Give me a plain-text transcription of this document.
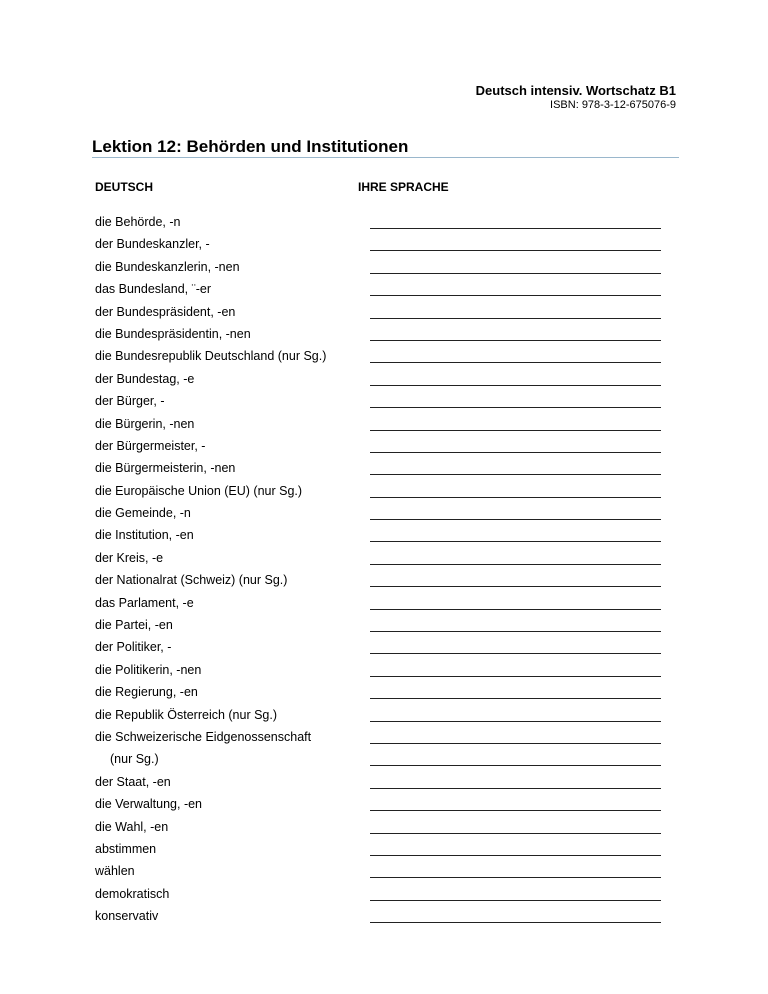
Deutsch intensiv. Wortschatz B1
ISBN: 978-3-12-675076-9
Lektion 12: Behörden und Institutionen
DEUTSCH	IHRE SPRACHE
die Behörde, -n
der Bundeskanzler, -
die Bundeskanzlerin, -nen
das Bundesland, ¨-er
der Bundespräsident, -en
die Bundespräsidentin, -nen
die Bundesrepublik Deutschland (nur Sg.)
der Bundestag, -e
der Bürger, -
die Bürgerin, -nen
der Bürgermeister, -
die Bürgermeisterin, -nen
die Europäische Union (EU) (nur Sg.)
die Gemeinde, -n
die Institution, -en
der Kreis, -e
der Nationalrat (Schweiz) (nur Sg.)
das Parlament, -e
die Partei, -en
der Politiker, -
die Politikerin, -nen
die Regierung, -en
die Republik Österreich (nur Sg.)
die Schweizerische Eidgenossenschaft
(nur Sg.)
der Staat, -en
die Verwaltung, -en
die Wahl, -en
abstimmen
wählen
demokratisch
konservativ
